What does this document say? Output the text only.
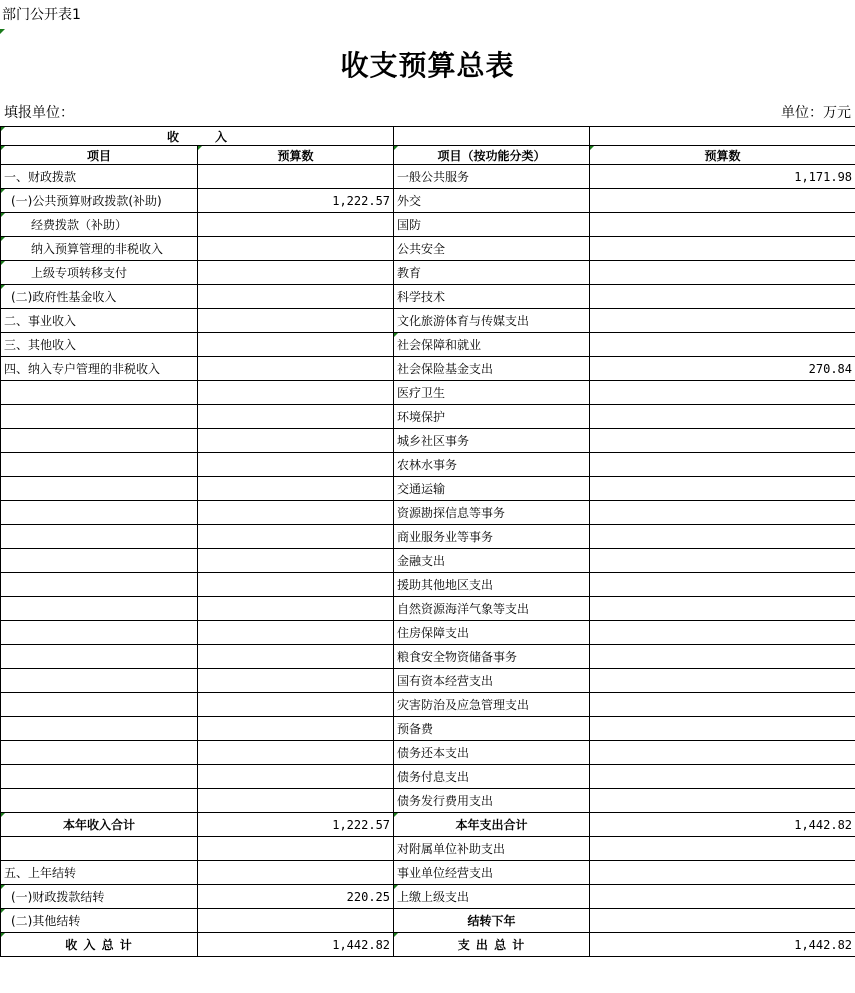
部门公开表1
收支预算总表
填报单位：	单位：万元
收　　　入			

项目	预算数	项目（按功能分类）	预算数
一、财政拨款		一般公共服务	1,171.98

(一)公共预算财政拨款(补助)	1,222.57	外交	

经费拨款（补助）		国防	

纳入预算管理的非税收入		公共安全	

上级专项转移支付		教育	

(二)政府性基金收入		科学技术	
二、事业收入		文化旅游体育与传媒支出	
三、其他收入		社会保障和就业	
四、纳入专户管理的非税收入		社会保险基金支出	270.84
		医疗卫生	
		环境保护	
		城乡社区事务	
		农林水事务	
		交通运输	
		资源勘探信息等事务	
		商业服务业等事务	
		金融支出	
		援助其他地区支出	
		自然资源海洋气象等支出	
		住房保障支出	
		粮食安全物资储备事务	
		国有资本经营支出	
		灾害防治及应急管理支出	
		预备费	
		债务还本支出	
		债务付息支出	
		债务发行费用支出	

本年收入合计	1,222.57	本年支出合计	1,442.82
		对附属单位补助支出	
五、上年结转		事业单位经营支出	

(一)财政拨款结转	220.25	上缴上级支出	

(二)其他结转		结转下年	

收 入 总 计	1,442.82	支 出 总 计	1,442.82
